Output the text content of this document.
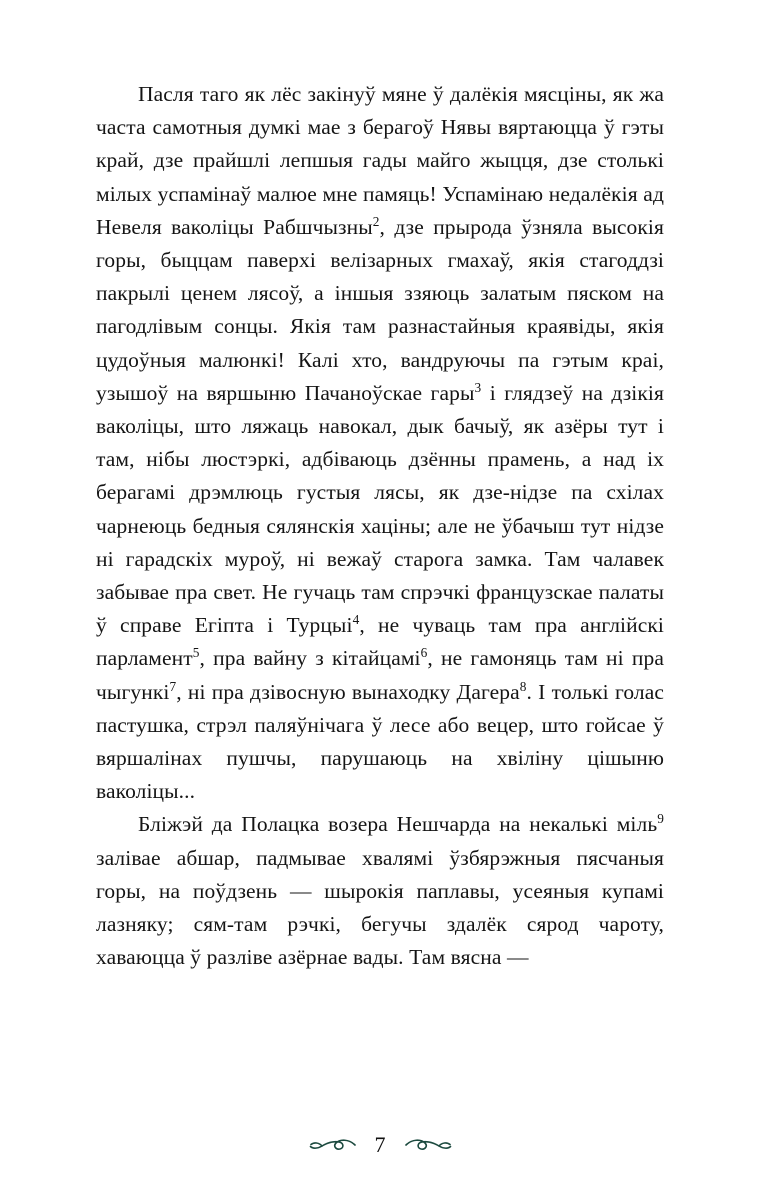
Пасля таго як лёс закінуў мяне ў далёкія мясціны, як жа часта самотныя думкі мае з берагоў Нявы вяртаюцца ў гэты край, дзе прайшлі лепшыя гады майго жыцця, дзе столькі мілых успамінаў малюе мне памяць! Успамінаю недалёкія ад Невеля ваколіцы Рабшчызны$^2$, дзе прырода ўзняла высокія горы, быццам паверхі велізарных гмахаў, якія стагоддзі пакрылі ценем лясоў, а іншыя ззяюць залатым пяском на пагодлівым сонцы. Якія там разнастайныя краявіды, якія цудоўныя малюнкі! Калі хто, вандруючы па гэтым краі, узышоў на вяршыню Пачаноўскае гары$^3$ і глядзеў на дзікія ваколіцы, што ляжаць навокал, дык бачыў, як азёры тут і там, нібы люстэркі, адбіваюць дзённы прамень, а над іх берагамі дрэмлюць густыя лясы, як дзе-нідзе па схілах чарнеюць бедныя сялянскія хаціны; але не ўбачыш тут нідзе ні гарадскіх муроў, ні вежаў старога замка. Там чалавек забывае пра свет. Не гучаць там спрэчкі французскае палаты ў справе Егіпта і Турцыі$^4$, не чуваць там пра англійскі парламент$^5$, пра вайну з кітайцамі$^6$, не гамоняць там ні пра чыгункі$^7$, ні пра дзівосную вынаходку Дагера$^8$. І толькі голас пастушка, стрэл паляўнічага ў лесе або вецер, што гойсае ў вяршалінах пушчы, парушаюць на хвіліну цішыню ваколіцы...

Бліжэй да Полацка возера Нешчарда на некалькі міль$^9$ залівае абшар, падмывае хвалямі ўзбярэжныя пясчаныя горы, на поўдзень — шырокія паплавы, усеяныя купамі лазняку; сям-там рэчкі, бегучы здалёк сярод чароту, хаваюцца ў разліве азёрнае вады. Там вясна —

7
